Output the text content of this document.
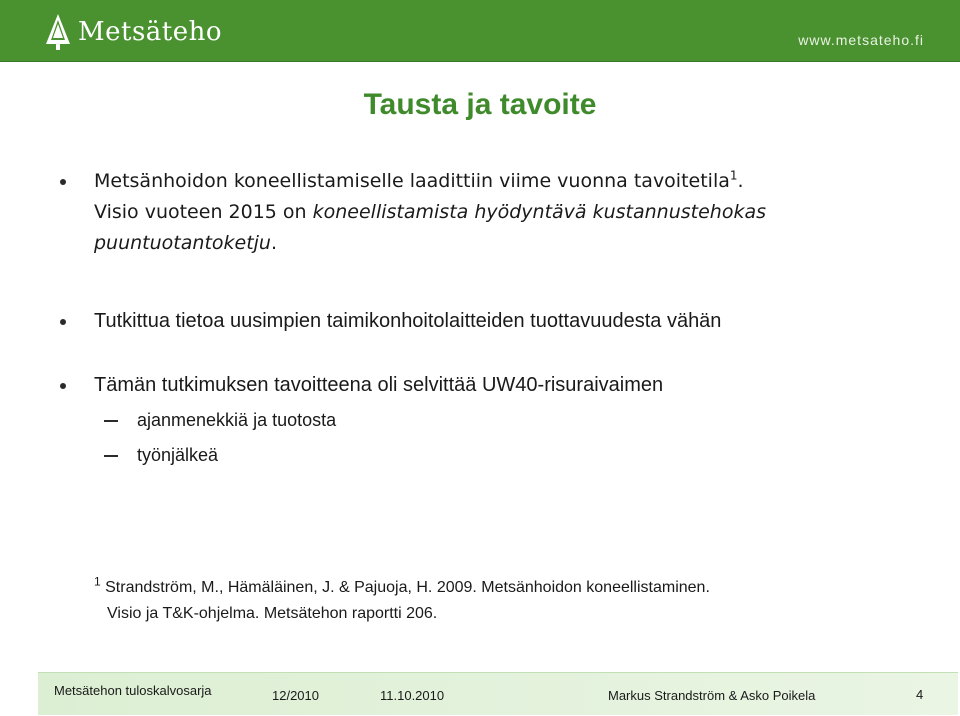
Metsäteho	www.metsateho.fi
Tausta ja tavoite
Metsänhoidon koneellistamiselle laadittiin viime vuonna tavoitetila$^1$.
Visio vuoteen 2015 on koneellistamista hyödyntävä kustannustehokas
puuntuotantoketju.
Tutkittua tietoa uusimpien taimikonhoitolaitteiden tuottavuudesta vähän
Tämän tutkimuksen tavoitteena oli selvittää UW40-risuraivaimen
ajanmenekkiä ja tuotosta
työnjälkeä
$^1$ Strandström, M., Hämäläinen, J. & Pajuoja, H. 2009. Metsänhoidon koneellistaminen.
Visio ja T&K-ohjelma. Metsätehon raportti 206.
Metsätehon tuloskalvosarja	12/2010	11.10.2010	Markus Strandström & Asko Poikela	4
